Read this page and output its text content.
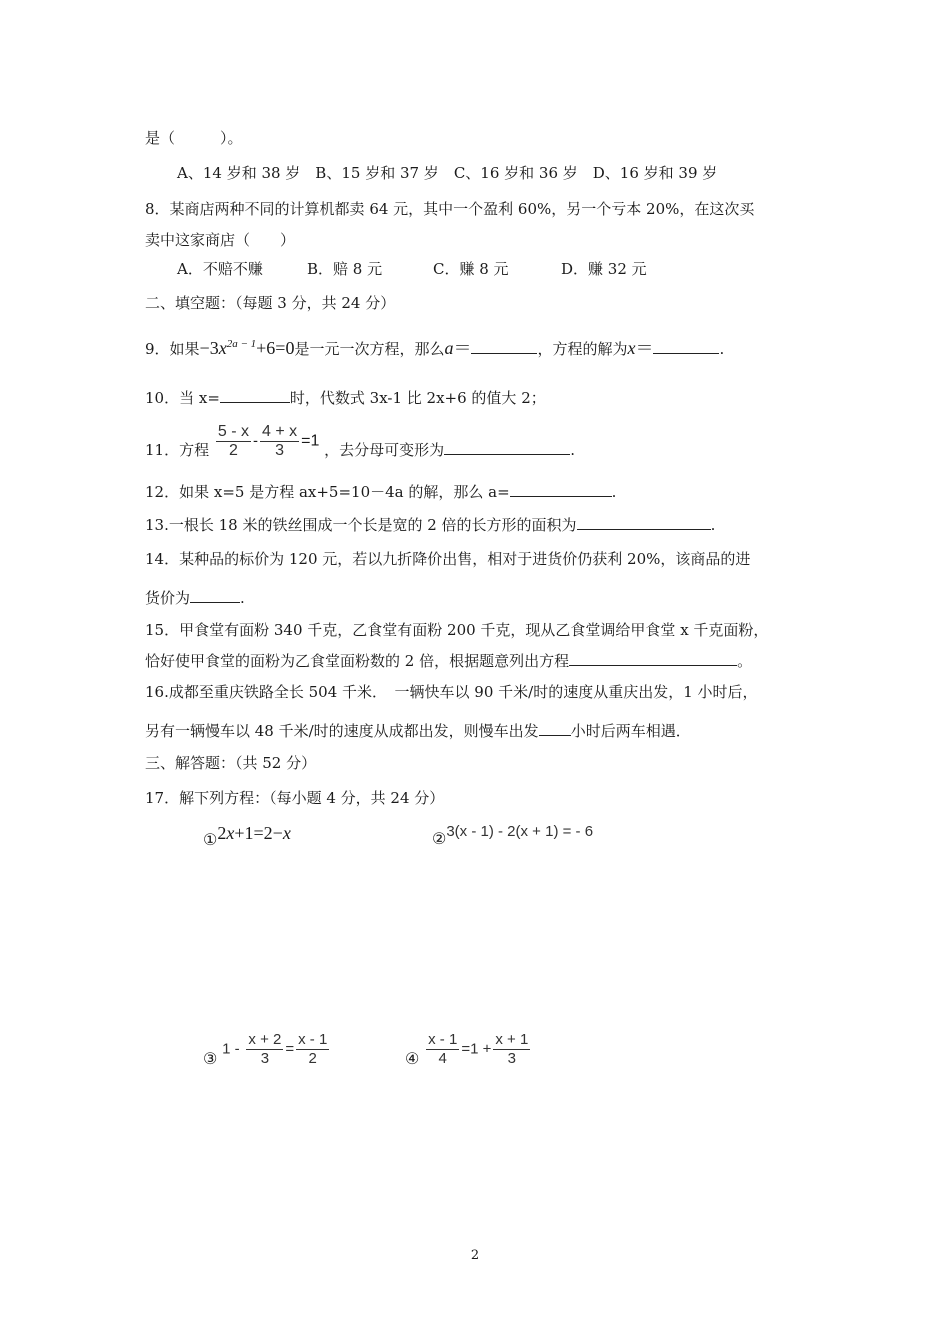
是（　　　）。
A、14 岁和 38 岁　B、15 岁和 37 岁　C、16 岁和 36 岁　D、16 岁和 39 岁
8．某商店两种不同的计算机都卖 64 元，其中一个盈利 60%，另一个亏本 20%，在这次买
卖中这家商店（　　）
A．不赔不赚	B．赔 8 元	C．赚 8 元	D．赚 32 元
二、填空题：（每题 3 分，共 24 分）
9．如果$-3x^{2a - 1}+6=0$是一元一次方程，那么a＝	，方程的解为x＝	.
10．当 x=	时，代数式 3x-1 比 2x+6 的值大 2；
11．方程 $\frac{5 - x}{2} - \frac{4 + x}{3} =1$ ，去分母可变形为	.
12．如果 x=5 是方程 ax+5=10－4a 的解，那么 a=	.
13.一根长 18 米的铁丝围成一个长是宽的 2 倍的长方形的面积为	.
14．某种品的标价为 120 元，若以九折降价出售，相对于进货价仍获利 20%，该商品的进
货价为	.
15．甲食堂有面粉 340 千克，乙食堂有面粉 200 千克，现从乙食堂调给甲食堂 x 千克面粉，
恰好使甲食堂的面粉为乙食堂面粉数的 2 倍，根据题意列出方程	。
16.成都至重庆铁路全长 504 千米．　一辆快车以 90 千米/时的速度从重庆出发，1 小时后，
另有一辆慢车以 48 千米/时的速度从成都出发，则慢车出发 小时后两车相遇．
三、解答题：（共 52 分）
17．解下列方程：（每小题 4 分，共 24 分）
①2x+1=2−x	②3(x - 1) - 2(x + 1) = - 6
③ $1 - \frac{x + 2}{3} = \frac{x - 1}{2}$	④ $\frac{x - 1}{4} =1 + \frac{x + 1}{3}$
2
